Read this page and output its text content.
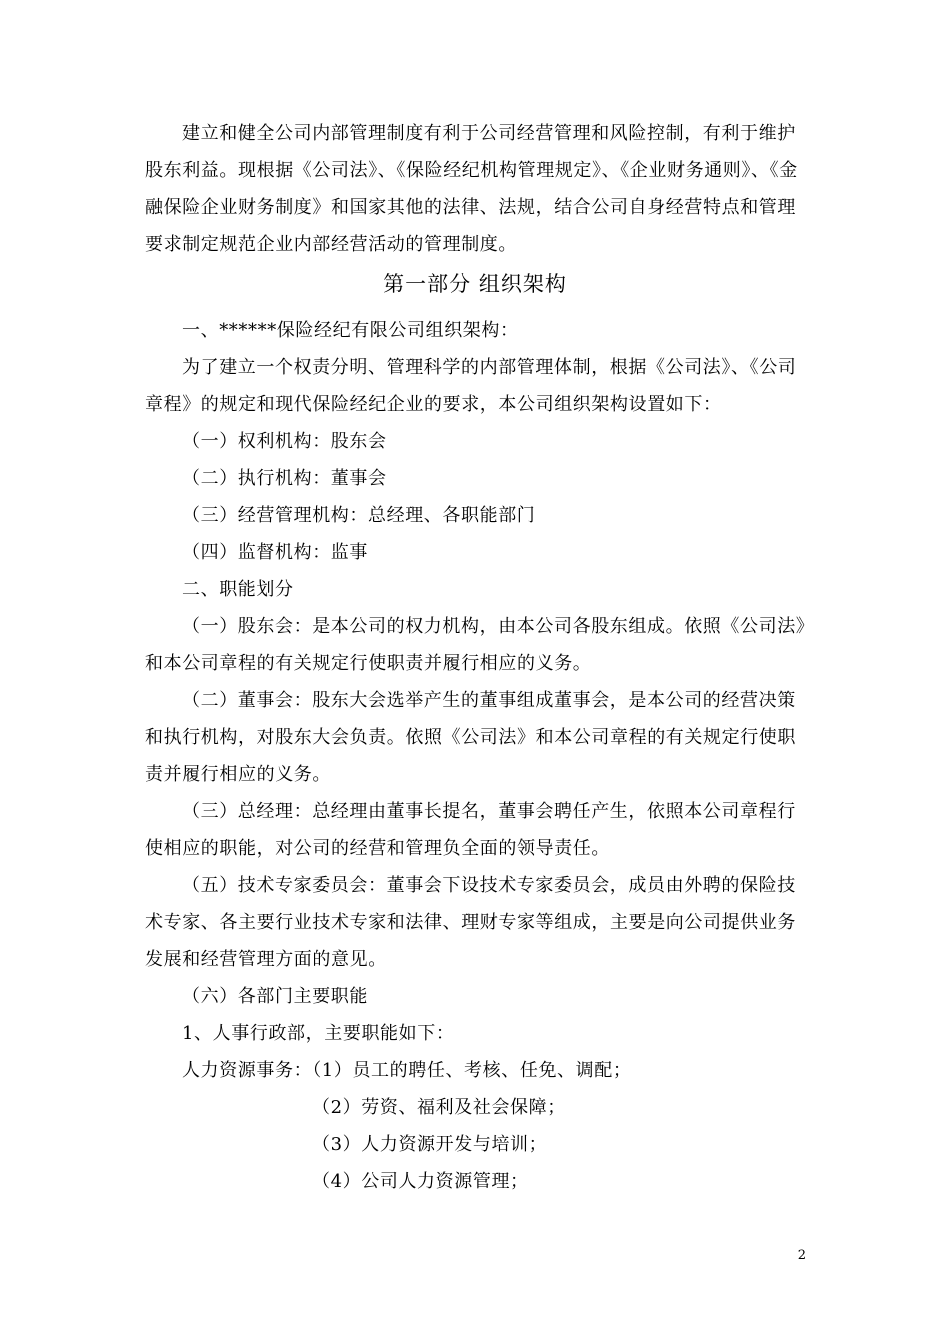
建立和健全公司内部管理制度有利于公司经营管理和风险控制，有利于维护
股东利益。现根据《公司法》、《保险经纪机构管理规定》、《企业财务通则》、《金
融保险企业财务制度》和国家其他的法律、法规，结合公司自身经营特点和管理
要求制定规范企业内部经营活动的管理制度。
第一部分 组织架构
一、******保险经纪有限公司组织架构：
为了建立一个权责分明、管理科学的内部管理体制，根据《公司法》、《公司
章程》的规定和现代保险经纪企业的要求，本公司组织架构设置如下：
（一）权利机构：股东会
（二）执行机构：董事会
（三）经营管理机构：总经理、各职能部门
（四）监督机构：监事
二、职能划分
（一）股东会：是本公司的权力机构，由本公司各股东组成。依照《公司法》
和本公司章程的有关规定行使职责并履行相应的义务。
（二）董事会：股东大会选举产生的董事组成董事会，是本公司的经营决策
和执行机构，对股东大会负责。依照《公司法》和本公司章程的有关规定行使职
责并履行相应的义务。
（三）总经理：总经理由董事长提名，董事会聘任产生，依照本公司章程行
使相应的职能，对公司的经营和管理负全面的领导责任。
（五）技术专家委员会：董事会下设技术专家委员会，成员由外聘的保险技
术专家、各主要行业技术专家和法律、理财专家等组成，主要是向公司提供业务
发展和经营管理方面的意见。
（六）各部门主要职能
1、人事行政部，主要职能如下：
人力资源事务：（1）员工的聘任、考核、任免、调配；
（2）劳资、福利及社会保障；
（3）人力资源开发与培训；
（4）公司人力资源管理；
2
